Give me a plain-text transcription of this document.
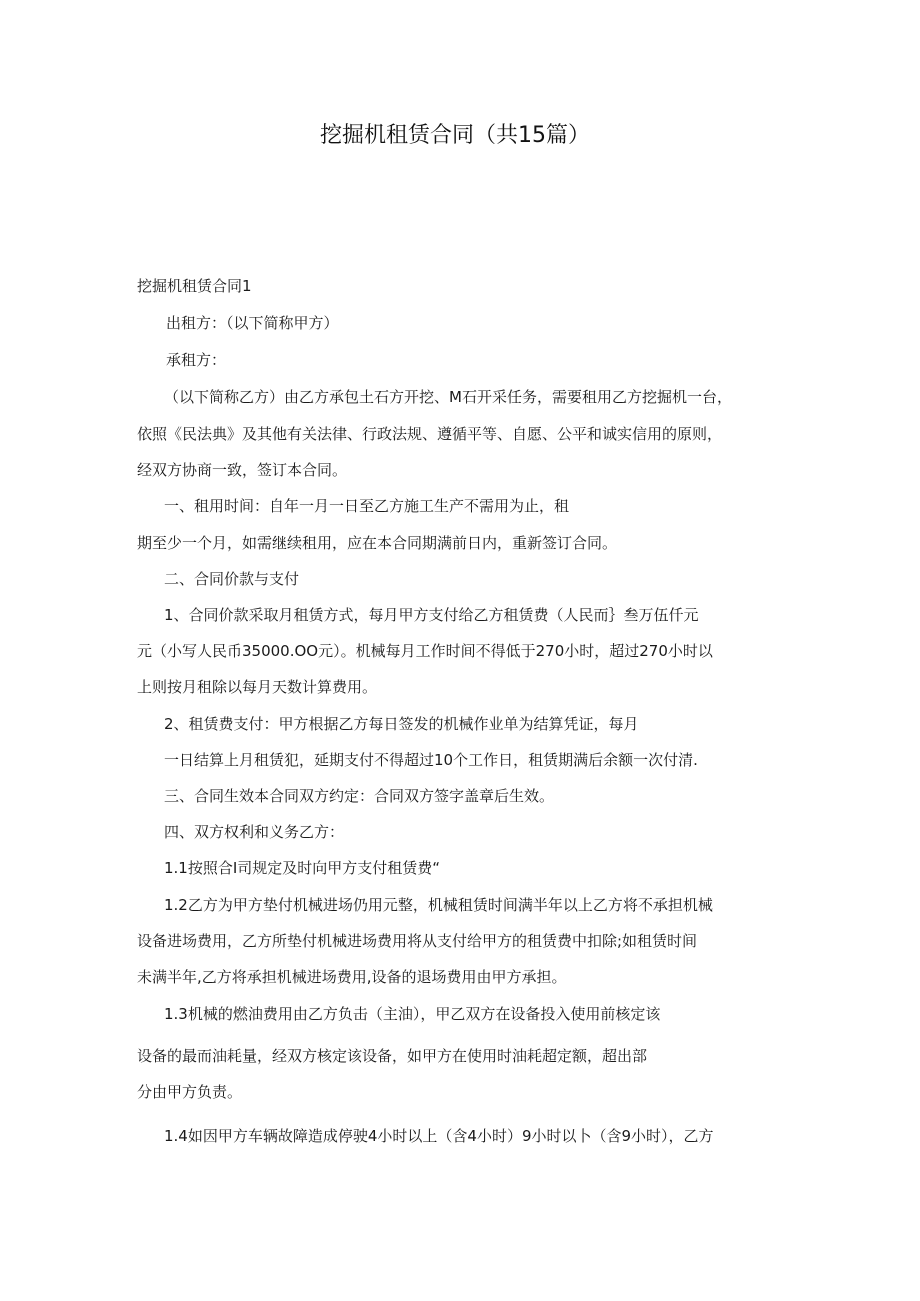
挖掘机租赁合同（共15篇）
挖掘机租赁合同1
出租方：（以下简称甲方）
承租方：
（以下简称乙方）由乙方承包土石方开挖、M石开采任务，需要租用乙方挖掘机一台，
依照《民法典》及其他有关法律、行政法规、遵循平等、自愿、公平和诚实信用的原则，
经双方协商一致，签订本合同。
一、租用时间：自年一月一日至乙方施工生产不需用为止，租
期至少一个月，如需继续租用，应在本合同期满前日内，重新签订合同。
二、合同价款与支付
1、合同价款采取月租赁方式，每月甲方支付给乙方租赁费（人民而｝叁万伍仟元
元（小写人民币35000.OO元）。机械每月工作时间不得低于270小时，超过270小时以
上则按月租除以每月天数计算费用。
2、租赁费支付：甲方根据乙方每日签发的机械作业单为结算凭证，每月
一日结算上月租赁犯，延期支付不得超过10个工作日，租赁期满后余额一次付清.
三、合同生效本合同双方约定：合同双方签字盖章后生效。
四、双方权利和义务乙方：
1.1按照合I司规定及时向甲方支付租赁费“
1.2乙方为甲方垫付机械进场仍用元整，机械租赁时间满半年以上乙方将不承担机械
设备进场费用，乙方所垫付机械进场费用将从支付给甲方的租赁费中扣除;如租赁时间
未满半年,乙方将承担机械进场费用,设备的退场费用由甲方承担。
1.3机械的燃油费用由乙方负击（主油），甲乙双方在设备投入使用前核定该
设备的最而油耗量，经双方核定该设备，如甲方在使用时油耗超定额，超出部
分由甲方负责。
1.4如因甲方车辆故障造成停驶4小时以上（含4小时）9小时以卜（含9小时），乙方
